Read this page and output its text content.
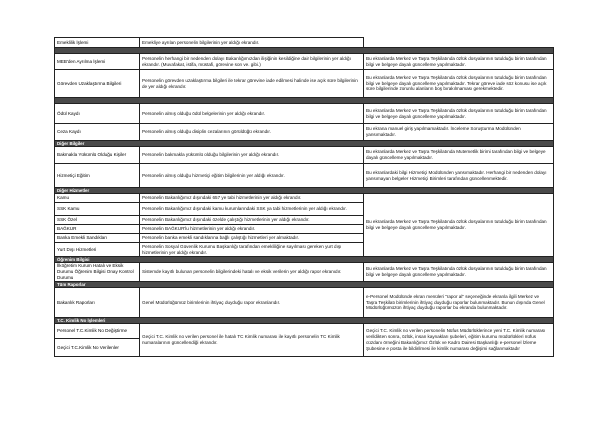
Emeklilik İşlemi	Emekliye ayrılan personelin bilgilerinin yer aldığı ekrandır.	

MEB'den Ayrılma İşlemi	Personelin herhangi bir nedenden dolayı Bakanlığımızdan ilişiğinin kesildiğine dair bilgilerinin yer aldığı ekrandır. (Muvafakat, istifa, müstafi, görevine son ve. gibi.)	Bu ekranlarda Merkez ve Taşra Teşkilatında özlük dosyalarının tutulduğu birim tarafından bilgi ve belgeye dayalı güncelleme yapılmaktadır.
Görevden Uzaklaştırma Bilgileri	Personelin görevden uzaklaştırma bilgileri ile tekrar görevine iade edilmesi halinde ise açık süre bilgilerinin de yer aldığı ekrandır.	Bu ekranlarda Merkez ve Taşra Teşkilatında özlük dosyalarının tutulduğu birim tarafından bilgi ve belgeye dayalı güncelleme yapılmaktadır. Tekrar göreve iade söz konusu ise açık süre bilgilerinde zorunlu alanların boş bırakılmaması gerekmektedir.

Ödül Kaydı	Personelin almış olduğu ödül belgelerinin yer aldığı ekrandır.	Bu ekranlarda Merkez ve Taşra Teşkilatında özlük dosyalarının tutulduğu birim tarafından bilgi ve belgeye dayalı güncelleme yapılmaktadır.
Ceza Kaydı	Personelin almış olduğu disiplin cezalarının görüldüğü ekrandır.	Bu ekrana manuel giriş yapılmamaktadır. İnceleme Soruşturma Modülünden yansımaktadır.
Diğer Bilgiler		
Bakmakla Yükümlü Olduğu Kişiler	Personelin bakmakla yükümlü olduğu bilgilerinin yer aldığı ekrandır.	Bu ekranlarda Merkez ve Taşra Teşkilatında Mutemetlik birimi tarafından bilgi ve belgeye dayalı güncelleme yapılmaktadır.
Hizmetiçi Eğitim	Personelin almış olduğu hizmetiçi eğitim bilgilerinin yer aldığı ekrandır.	Bu ekranlardaki bilgi Hizmetiçi Modülünden yansımaktadır. Herhangi bir nedenden dolayı yansımayan belgeler Hizmetiçi Birimleri tarafından güncellenmektedir.
Diğer Hizmetler		
Kamu	Personelin Bakanlığımız dışındaki 657 ye tabi hizmetlerinin yer aldığı ekrandır.	Bu ekranlarda Merkez ve Taşra Teşkilatında özlük dosyalarının tutulduğu birim tarafından bilgi ve belgeye dayalı güncelleme yapılmaktadır.
SSK Kamu	Personelin Bakanlığımız dışındaki kamu kurumlarındaki SSK ya tabi hizmetlerinin yer aldığı ekrandır.	
SSK Özel	Personelin Bakanlığımız dışındaki özelde çalıştığı hizmetlerinin yer aldığı ekrandır.	
BAĞKUR	Personelin BAĞKUR'lu hizmetlerinin yer aldığı ekrandır.	
Banka Emekli Sandıkları	Personelin banka emekli sandıklarına bağlı çalıştığı hizmetleri yer almaktadır.	
Yurt Dışı Hizmetleri	Personelin Sosyal Güvenlik Kurumu Başkanlığı tarafından emekliliğine sayılması gereken yurt dışı hizmetlerinin yer aldığı ekrandır.	
Öğrenim Bilgisi		
İlköğretim Kurum Hatalı ve Eksik Durumu Öğrenim Bilgisi Onay Kontrol Durumu	Sistemde kayıtlı bulunan personelin bilgilerindeki hatalı ve eksik verilerin yer aldığı rapor ekranıdır.	Bu ekranlarda Merkez ve Taşra Teşkilatında özlük dosyalarının tutulduğu birim tarafından bilgi ve belgeye dayalı güncelleme yapılmaktadır.
Tüm Raporlar		
Bakanlık Raporları	Genel Müdürlüğümüz birimlerinin ihtiyaç duyduğu rapor ekranlarıdır.	e-Personel Modülünde ekran menüleri "rapor al" seçeneğinde ekranla ilgili Merkez ve Taşra Teşkilatı birimlerinin ihtiyaç duyduğu raporlar bulunmaktadır. Bunun dışında Genel Müdürlüğümüzün ihtiyaç duyduğu raporlar bu ekranda bulunmaktadır.
T.C. Kimlik No İşlemleri		
Personel T.C.Kimlik No Değiştirme	Geçici T.C. Kimlik no verilen personel ile hatalı TC Kimlik numarası ile kayıtlı personelin TC Kimlik numaralarının güncellendiği ekrandır.	Geçici T.C. Kimlik no verilen personelin Nüfus Müdürlüklerince yeni T.C. Kimlik numarası verildikten sonra, özlük, insan kaynakları şubeleri, eğitim kurumu müdürlükleri nüfus cüzdanı örneğini Bakanlığımız Özlük ve Kadro Dairesi Başkanlığı e-personel İzleme Şubesine e posta ile bildirilmesi ile kimlik numarası değişimi sağlanmaktadır
Geçici T.C.Kimlik No Verilenler		
